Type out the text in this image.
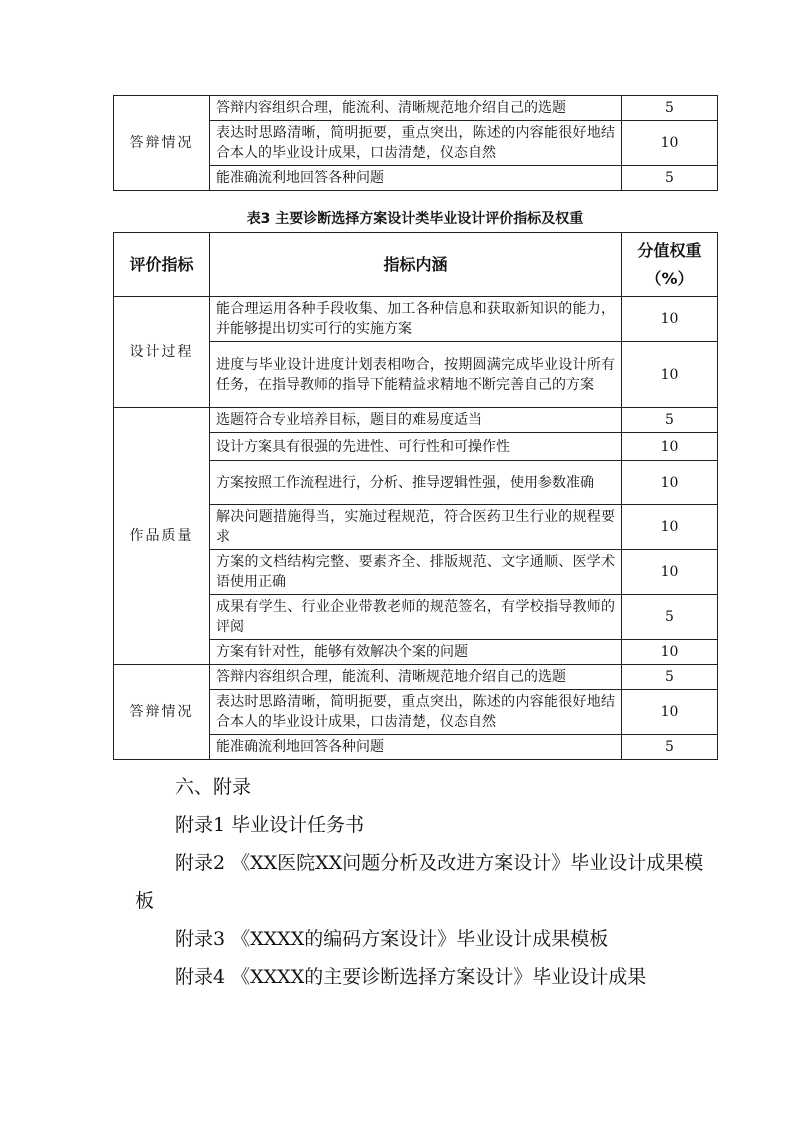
答辩情况	答辩内容组织合理，能流利、清晰规范地介绍自己的选题	5
	表达时思路清晰，简明扼要，重点突出，陈述的内容能很好地结合本人的毕业设计成果，口齿清楚，仪态自然	10
	能准确流利地回答各种问题	5
表3 主要诊断选择方案设计类毕业设计评价指标及权重
评价指标	指标内涵	分值权重（%）
设计过程	能合理运用各种手段收集、加工各种信息和获取新知识的能力，并能够提出切实可行的实施方案	10
	进度与毕业设计进度计划表相吻合，按期圆满完成毕业设计所有任务，在指导教师的指导下能精益求精地不断完善自己的方案	10
作品质量	选题符合专业培养目标，题目的难易度适当	5
	设计方案具有很强的先进性、可行性和可操作性	10
	方案按照工作流程进行，分析、推导逻辑性强，使用参数准确	10
	解决问题措施得当，实施过程规范，符合医药卫生行业的规程要求	10
	方案的文档结构完整、要素齐全、排版规范、文字通顺、医学术语使用正确	10
	成果有学生、行业企业带教老师的规范签名，有学校指导教师的评阅	5
	方案有针对性，能够有效解决个案的问题	10
答辩情况	答辩内容组织合理，能流利、清晰规范地介绍自己的选题	5
	表达时思路清晰，简明扼要，重点突出，陈述的内容能很好地结合本人的毕业设计成果，口齿清楚，仪态自然	10
	能准确流利地回答各种问题	5

六、附录

附录1 毕业设计任务书

附录2 《XX医院XX问题分析及改进方案设计》毕业设计成果模板

附录3 《XXXX的编码方案设计》毕业设计成果模板

附录4 《XXXX的主要诊断选择方案设计》毕业设计成果
